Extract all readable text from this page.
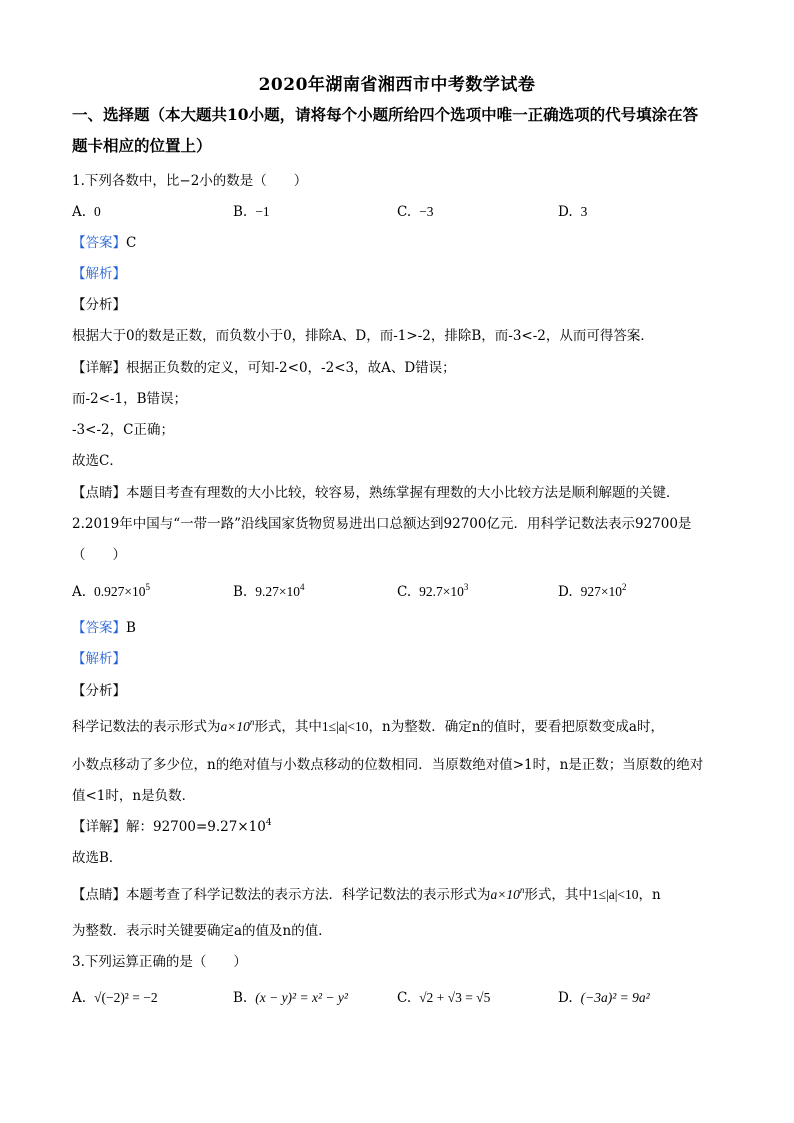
2020年湖南省湘西市中考数学试卷
一、选择题（本大题共10小题，请将每个小题所给四个选项中唯一正确选项的代号填涂在答
题卡相应的位置上）
1.下列各数中，比−2小的数是（　　）
A. 0	B. −1	C. −3	D. 3
【答案】C
【解析】
【分析】
根据大于0的数是正数，而负数小于0，排除A、D，而-1>-2，排除B，而-3<-2，从而可得答案．
【详解】根据正负数的定义，可知-2<0，-2<3，故A、D错误；
而-2<-1，B错误；
-3<-2，C正确；
故选C．
【点睛】本题目考查有理数的大小比较，较容易，熟练掌握有理数的大小比较方法是顺利解题的关键．
2.2019年中国与“一带一路”沿线国家货物贸易进出口总额达到92700亿元．用科学记数法表示92700是
（　　）
A. $0.927\times 10^5$	B. $9.27\times 10^4$	C. $92.7\times 10^3$	D. $927\times 10^2$
【答案】B
【解析】
【分析】
科学记数法的表示形式为$a\times 10^n$形式，其中1≤|a|<10，n为整数．确定n的值时，要看把原数变成a时，
小数点移动了多少位，n的绝对值与小数点移动的位数相同．当原数绝对值>1时，n是正数；当原数的绝对
值<1时，n是负数．
【详解】解：$92700=9.27\times 10^4$
故选B．
【点睛】本题考查了科学记数法的表示方法．科学记数法的表示形式为$a\times 10^n$形式，其中1≤|a|<10，n
为整数．表示时关键要确定a的值及n的值．
3.下列运算正确的是（　　）
A. √(−2)² = −2	B. (x − y)² = x² − y²	C. √2 + √3 = √5	D. (−3a)² = 9a²
